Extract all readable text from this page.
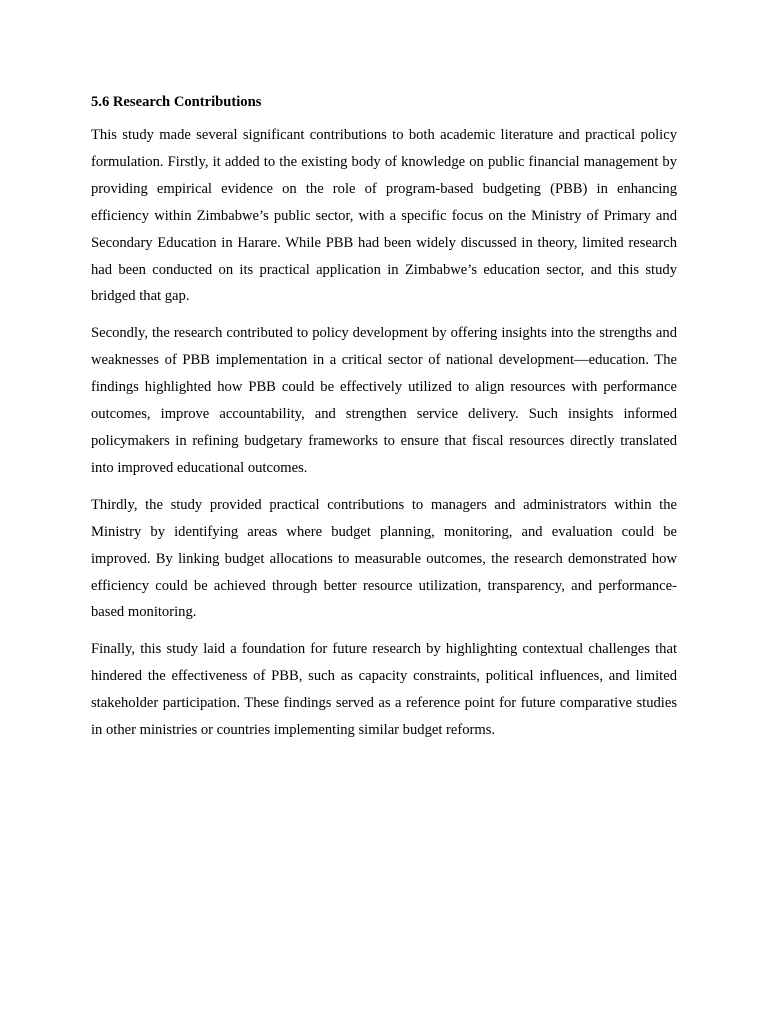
5.6 Research Contributions

This study made several significant contributions to both academic literature and practical policy formulation. Firstly, it added to the existing body of knowledge on public financial management by providing empirical evidence on the role of program-based budgeting (PBB) in enhancing efficiency within Zimbabwe’s public sector, with a specific focus on the Ministry of Primary and Secondary Education in Harare. While PBB had been widely discussed in theory, limited research had been conducted on its practical application in Zimbabwe’s education sector, and this study bridged that gap.

Secondly, the research contributed to policy development by offering insights into the strengths and weaknesses of PBB implementation in a critical sector of national development—education. The findings highlighted how PBB could be effectively utilized to align resources with performance outcomes, improve accountability, and strengthen service delivery. Such insights informed policymakers in refining budgetary frameworks to ensure that fiscal resources directly translated into improved educational outcomes.

Thirdly, the study provided practical contributions to managers and administrators within the Ministry by identifying areas where budget planning, monitoring, and evaluation could be improved. By linking budget allocations to measurable outcomes, the research demonstrated how efficiency could be achieved through better resource utilization, transparency, and performance-based monitoring.

Finally, this study laid a foundation for future research by highlighting contextual challenges that hindered the effectiveness of PBB, such as capacity constraints, political influences, and limited stakeholder participation. These findings served as a reference point for future comparative studies in other ministries or countries implementing similar budget reforms.
